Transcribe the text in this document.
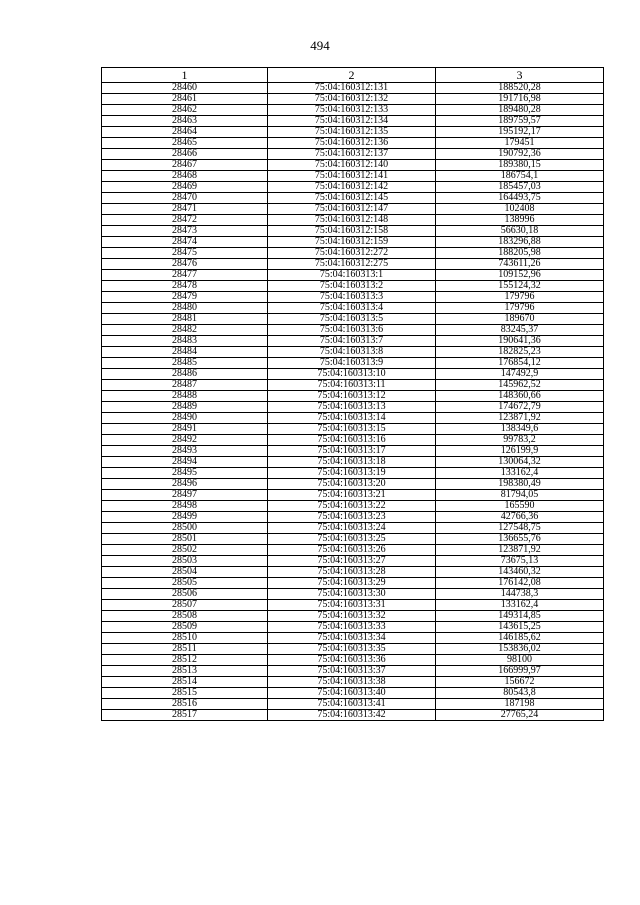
494
1	2	3
28460	75:04:160312:131	188520,28
28461	75:04:160312:132	191716,98
28462	75:04:160312:133	189480,28
28463	75:04:160312:134	189759,57
28464	75:04:160312:135	195192,17
28465	75:04:160312:136	179451
28466	75:04:160312:137	190792,36
28467	75:04:160312:140	189380,15
28468	75:04:160312:141	186754,1
28469	75:04:160312:142	185457,03
28470	75:04:160312:145	164493,75
28471	75:04:160312:147	102408
28472	75:04:160312:148	138996
28473	75:04:160312:158	56630,18
28474	75:04:160312:159	183296,88
28475	75:04:160312:272	188205,98
28476	75:04:160312:275	743611,26
28477	75:04:160313:1	109152,96
28478	75:04:160313:2	155124,32
28479	75:04:160313:3	179796
28480	75:04:160313:4	179796
28481	75:04:160313:5	189670
28482	75:04:160313:6	83245,37
28483	75:04:160313:7	190641,36
28484	75:04:160313:8	182825,23
28485	75:04:160313:9	176854,12
28486	75:04:160313:10	147492,9
28487	75:04:160313:11	145962,52
28488	75:04:160313:12	148360,66
28489	75:04:160313:13	174672,79
28490	75:04:160313:14	123871,92
28491	75:04:160313:15	138349,6
28492	75:04:160313:16	99783,2
28493	75:04:160313:17	126199,9
28494	75:04:160313:18	130064,32
28495	75:04:160313:19	133162,4
28496	75:04:160313:20	198380,49
28497	75:04:160313:21	81794,05
28498	75:04:160313:22	165590
28499	75:04:160313:23	42766,36
28500	75:04:160313:24	127548,75
28501	75:04:160313:25	136655,76
28502	75:04:160313:26	123871,92
28503	75:04:160313:27	73675,13
28504	75:04:160313:28	143460,32
28505	75:04:160313:29	176142,08
28506	75:04:160313:30	144738,3
28507	75:04:160313:31	133162,4
28508	75:04:160313:32	149314,85
28509	75:04:160313:33	143615,25
28510	75:04:160313:34	146185,62
28511	75:04:160313:35	153836,02
28512	75:04:160313:36	98100
28513	75:04:160313:37	166999,97
28514	75:04:160313:38	156672
28515	75:04:160313:40	80543,8
28516	75:04:160313:41	187198
28517	75:04:160313:42	27765,24
